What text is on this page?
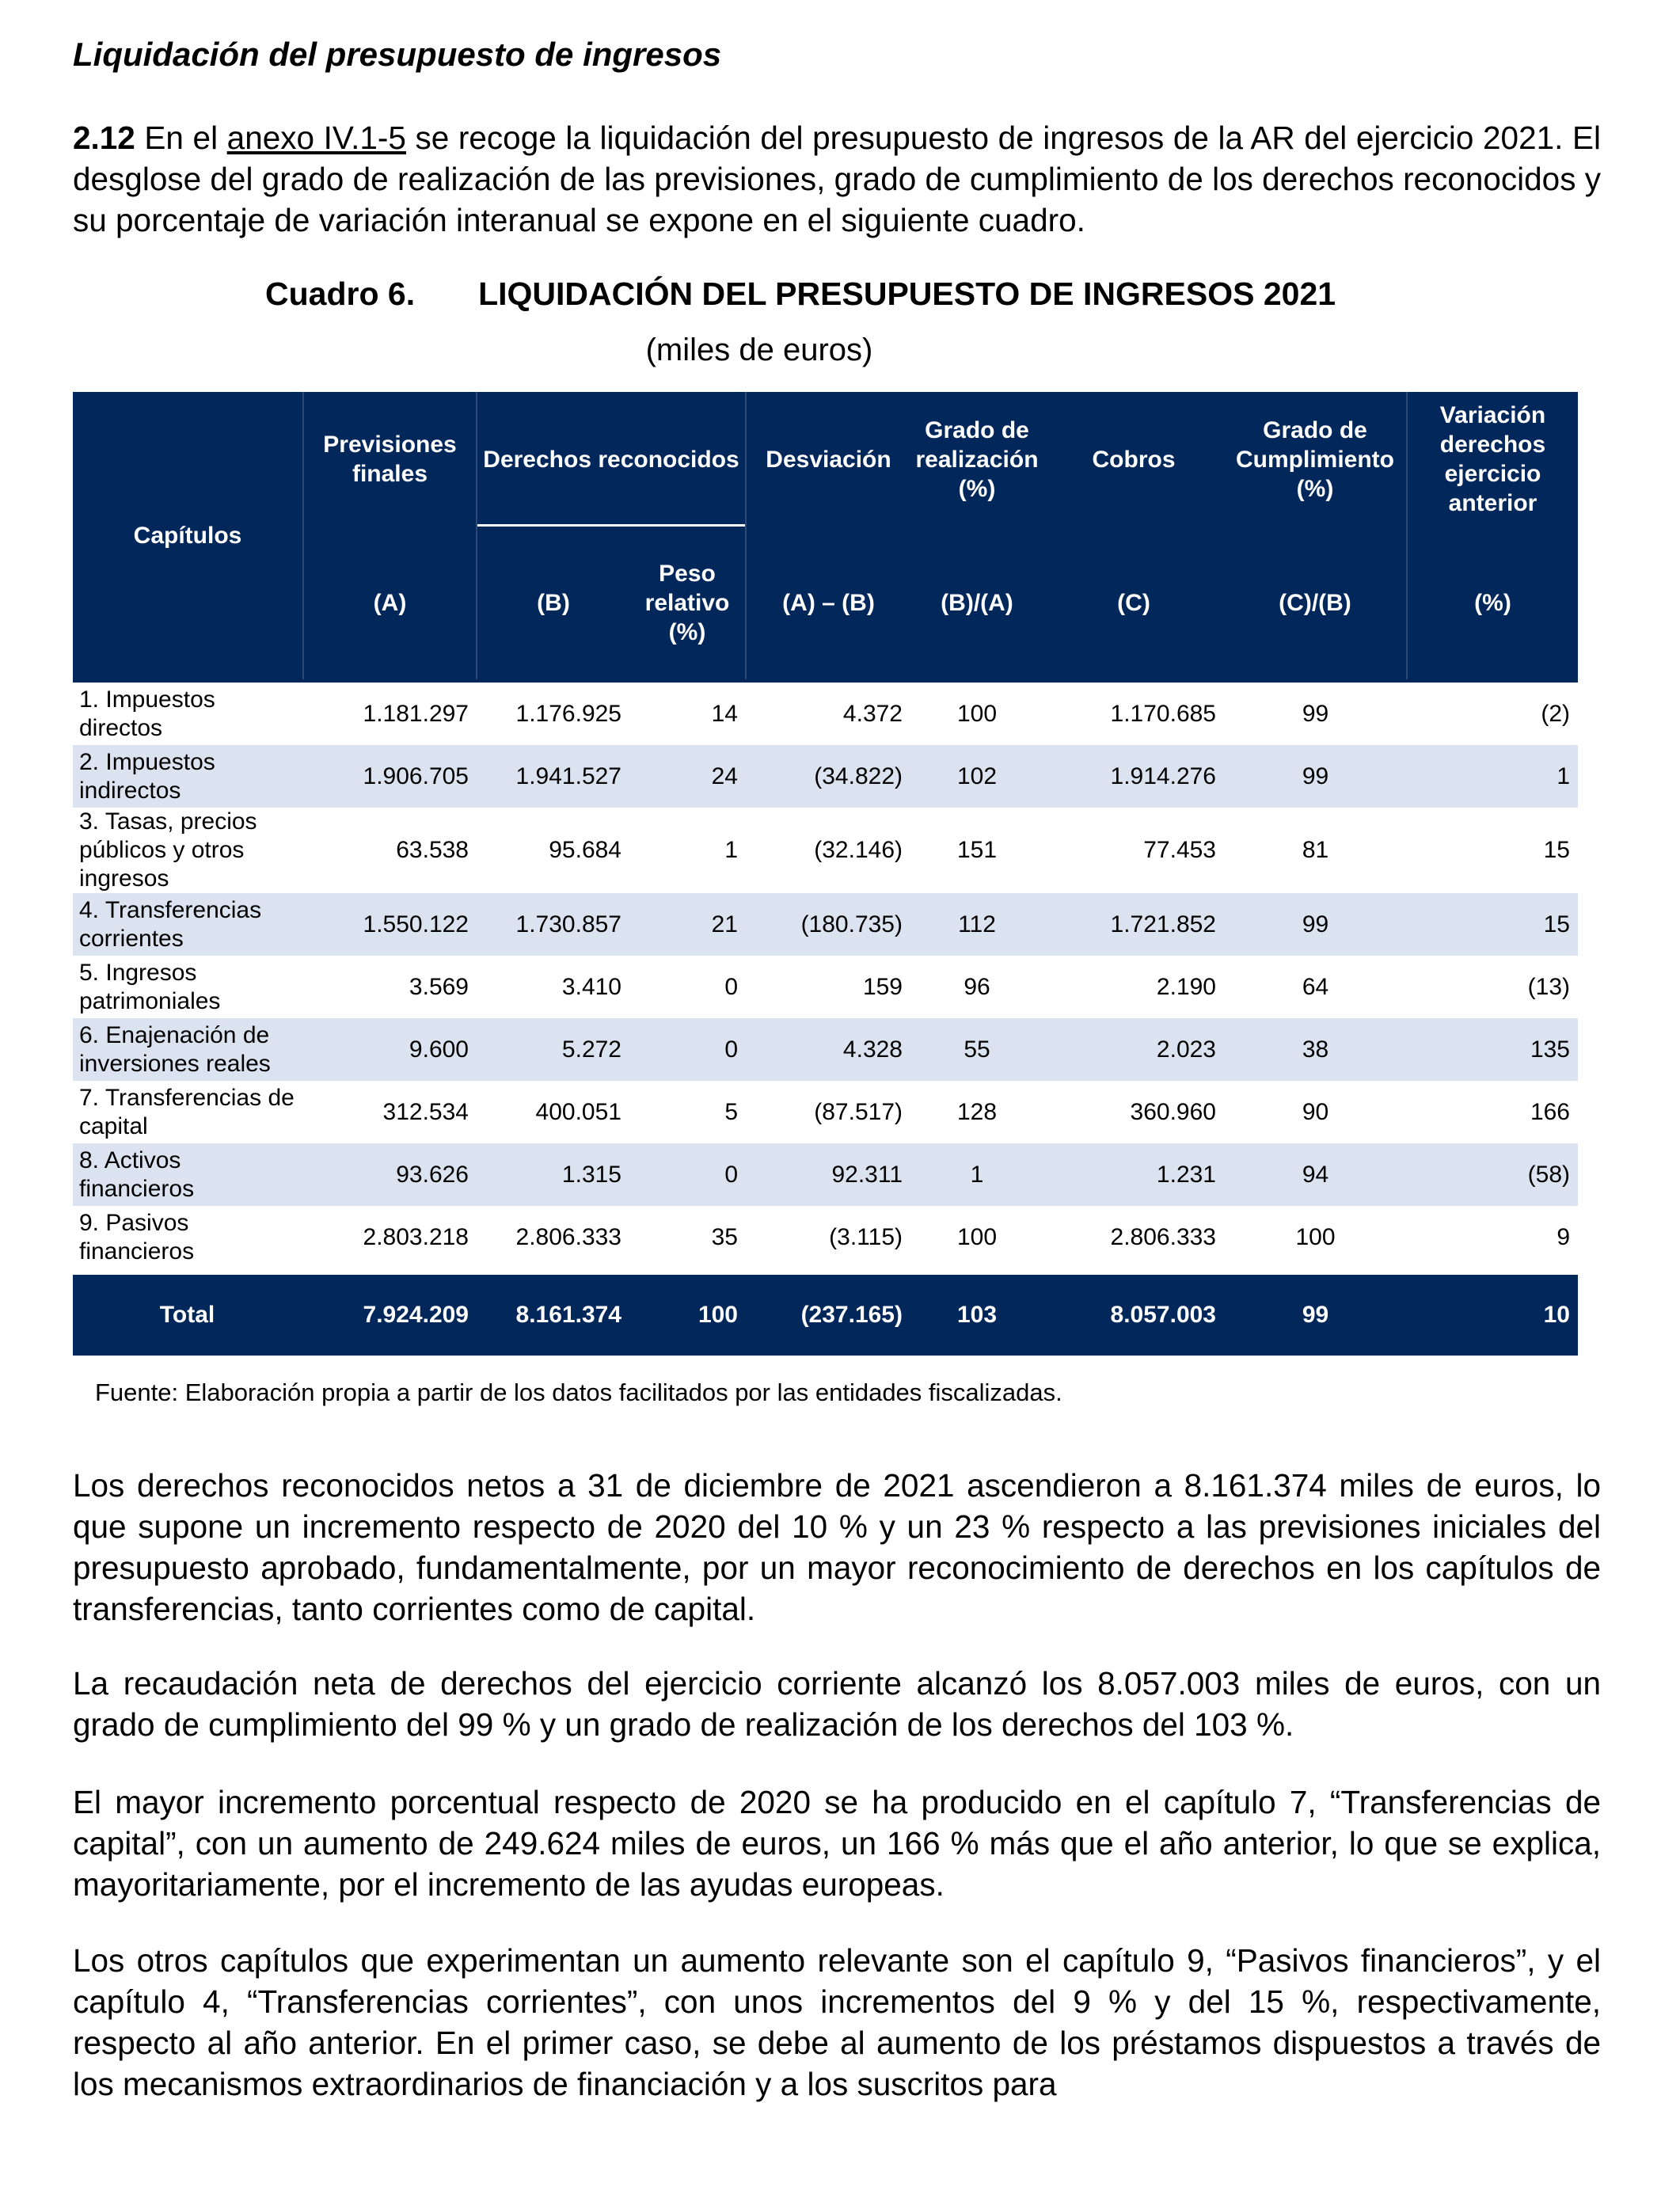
Liquidación del presupuesto de ingresos
2.12 En el anexo IV.1-5 se recoge la liquidación del presupuesto de ingresos de la AR del ejercicio 2021. El desglose del grado de realización de las previsiones, grado de cumplimiento de los derechos reconocidos y su porcentaje de variación interanual se expone en el siguiente cuadro.
Cuadro 6. LIQUIDACIÓN DEL PRESUPUESTO DE INGRESOS 2021
(miles de euros)
Capítulos	Previsiones finales	Derechos reconocidos		Desviación	Grado de realización (%)	Cobros	Grado de Cumplimiento (%)	Variación derechos ejercicio anterior
	(A)	(B)	Peso relativo (%)	(A) – (B)	(B)/(A)	(C)	(C)/(B)	(%)
1. Impuestos directos	1.181.297	1.176.925	14	4.372	100	1.170.685	99	(2)
2. Impuestos indirectos	1.906.705	1.941.527	24	(34.822)	102	1.914.276	99	1
3. Tasas, precios públicos y otros ingresos	63.538	95.684	1	(32.146)	151	77.453	81	15
4. Transferencias corrientes	1.550.122	1.730.857	21	(180.735)	112	1.721.852	99	15
5. Ingresos patrimoniales	3.569	3.410	0	159	96	2.190	64	(13)
6. Enajenación de inversiones reales	9.600	5.272	0	4.328	55	2.023	38	135
7. Transferencias de capital	312.534	400.051	5	(87.517)	128	360.960	90	166
8. Activos financieros	93.626	1.315	0	92.311	1	1.231	94	(58)
9. Pasivos financieros	2.803.218	2.806.333	35	(3.115)	100	2.806.333	100	9
Total	7.924.209	8.161.374	100	(237.165)	103	8.057.003	99	10
Fuente: Elaboración propia a partir de los datos facilitados por las entidades fiscalizadas.
Los derechos reconocidos netos a 31 de diciembre de 2021 ascendieron a 8.161.374 miles de euros, lo que supone un incremento respecto de 2020 del 10 % y un 23 % respecto a las previsiones iniciales del presupuesto aprobado, fundamentalmente, por un mayor reconocimiento de derechos en los capítulos de transferencias, tanto corrientes como de capital.
La recaudación neta de derechos del ejercicio corriente alcanzó los 8.057.003 miles de euros, con un grado de cumplimiento del 99 % y un grado de realización de los derechos del 103 %.
El mayor incremento porcentual respecto de 2020 se ha producido en el capítulo 7, “Transferencias de capital”, con un aumento de 249.624 miles de euros, un 166 % más que el año anterior, lo que se explica, mayoritariamente, por el incremento de las ayudas europeas.
Los otros capítulos que experimentan un aumento relevante son el capítulo 9, “Pasivos financieros”, y el capítulo 4, “Transferencias corrientes”, con unos incrementos del 9 % y del 15 %, respectivamente, respecto al año anterior. En el primer caso, se debe al aumento de los préstamos dispuestos a través de los mecanismos extraordinarios de financiación y a los suscritos para
